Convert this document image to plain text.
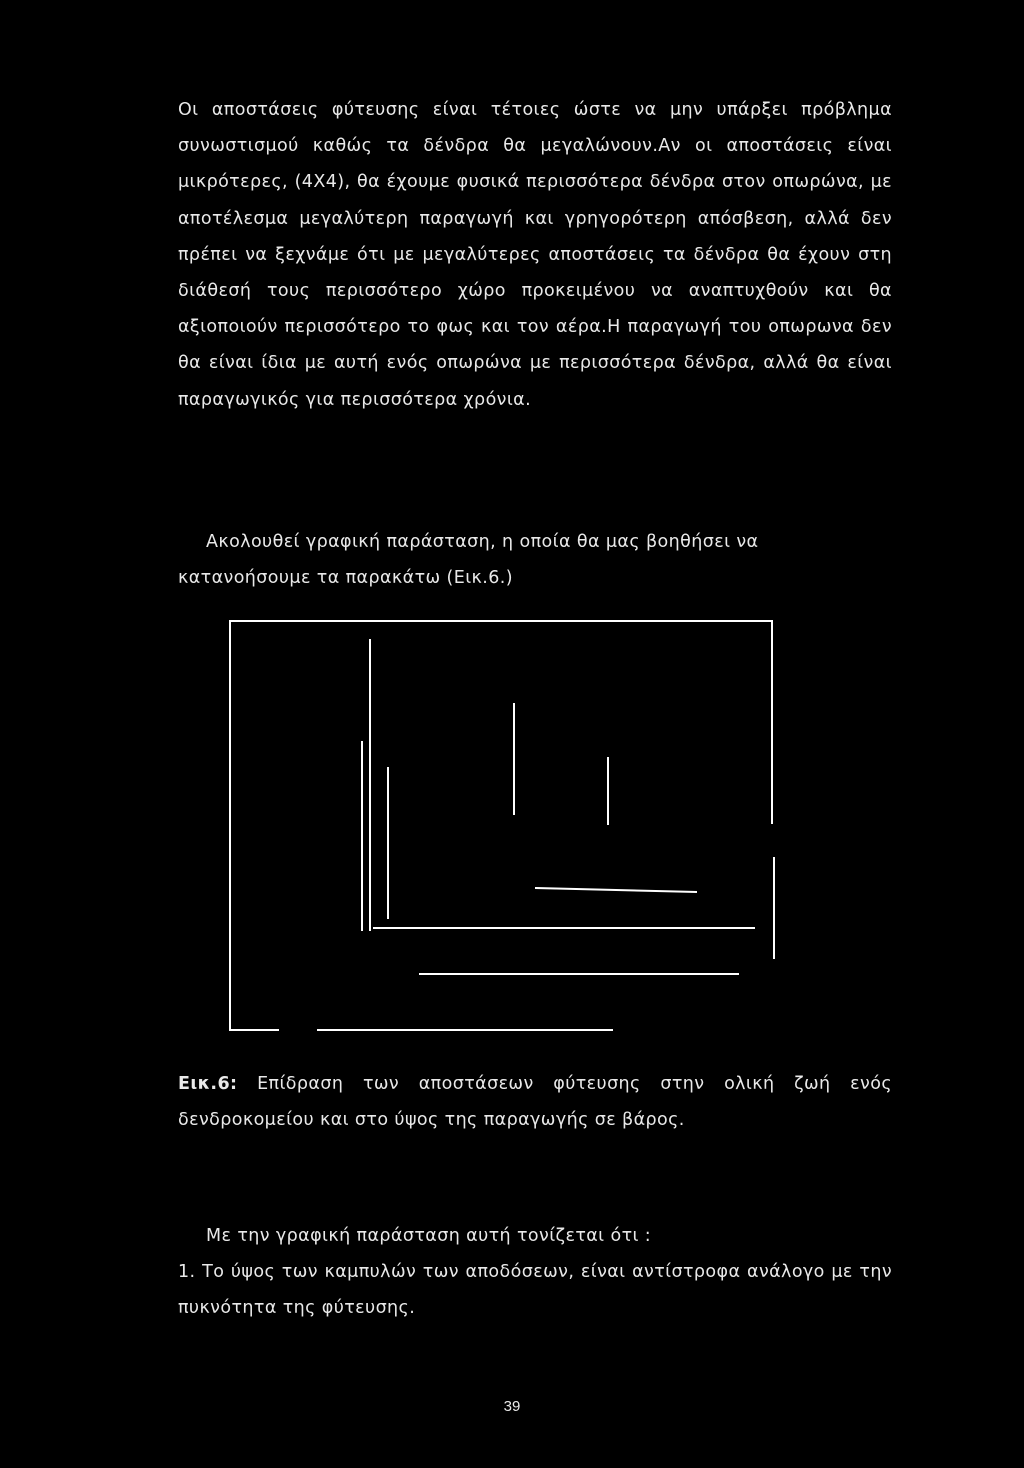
Οι αποστάσεις φύτευσης είναι τέτοιες ώστε να μην υπάρξει πρόβλημα συνωστισμού καθώς τα δένδρα θα μεγαλώνουν.Αν οι αποστάσεις είναι μικρότερες, (4Χ4), θα έχουμε φυσικά περισσότερα δένδρα στον οπωρώνα, με αποτέλεσμα μεγαλύτερη παραγωγή και γρηγορότερη απόσβεση, αλλά δεν πρέπει να ξεχνάμε ότι με μεγαλύτερες αποστάσεις τα δένδρα θα έχουν στη διάθεσή τους περισσότερο χώρο προκειμένου να αναπτυχθούν και θα αξιοποιούν περισσότερο το φως και τον αέρα.Η παραγωγή του οπωρωνα δεν θα είναι ίδια με αυτή ενός οπωρώνα με περισσότερα δένδρα, αλλά θα είναι παραγωγικός για περισσότερα χρόνια.

Ακολουθεί γραφική παράσταση, η οποία θα μας βοηθήσει να
κατανοήσουμε τα παρακάτω (Εικ.6.)

Εικ.6: Επίδραση των αποστάσεων φύτευσης στην ολική ζωή ενός δενδροκομείου και στο ύψος της παραγωγής σε βάρος.

Με την γραφική παράσταση αυτή τονίζεται ότι :
1. Το ύψος των καμπυλών των αποδόσεων, είναι αντίστροφα ανάλογο με την πυκνότητα της φύτευσης.

39
